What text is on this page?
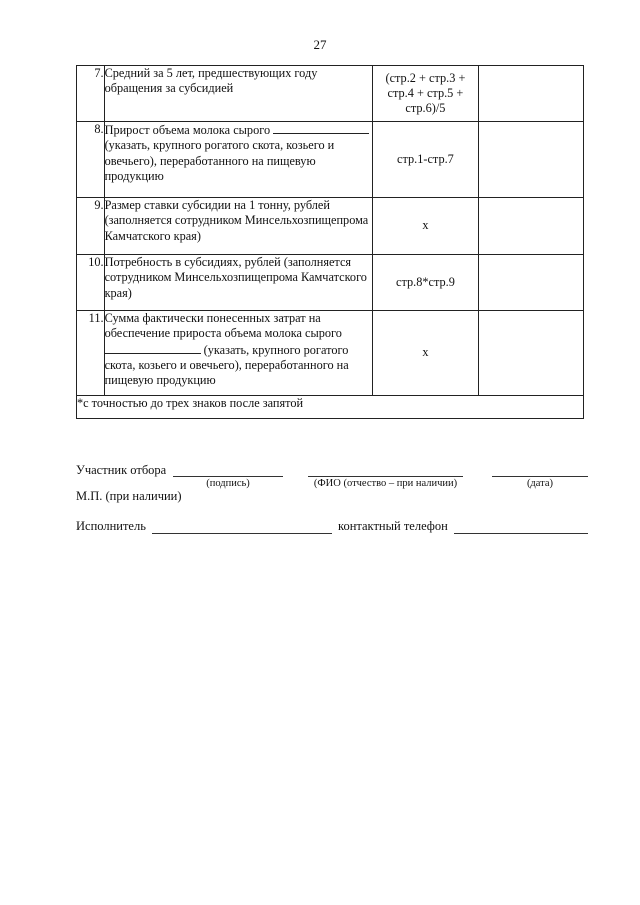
27
7.	Средний за 5 лет, предшествующих году обращения за субсидией	(стр.2 + стр.3 + стр.4 + стр.5 + стр.6)/5	
8.	Прирост объема молока сырого  (указать, крупного рогатого скота, козьего и овечьего), переработанного на пищевую продукцию	стр.1-стр.7	
9.	Размер ставки субсидии на 1 тонну, рублей (заполняется сотрудником Минсельхозпищепрома Камчатского края)	х	
10.	Потребность в субсидиях, рублей (заполняется сотрудником Минсельхозпищепрома Камчатского края)	стр.8*стр.9	
11.	Сумма фактически понесенных затрат на обеспечение прироста объема молока сырого  (указать, крупного рогатого скота, козьего и овечьего), переработанного на пищевую продукцию	х	
*с точностью до трех знаков после запятой			
Участник отбора
(подпись)	(ФИО (отчество – при наличии)	(дата)
М.П. (при наличии)
Исполнитель	контактный телефон
